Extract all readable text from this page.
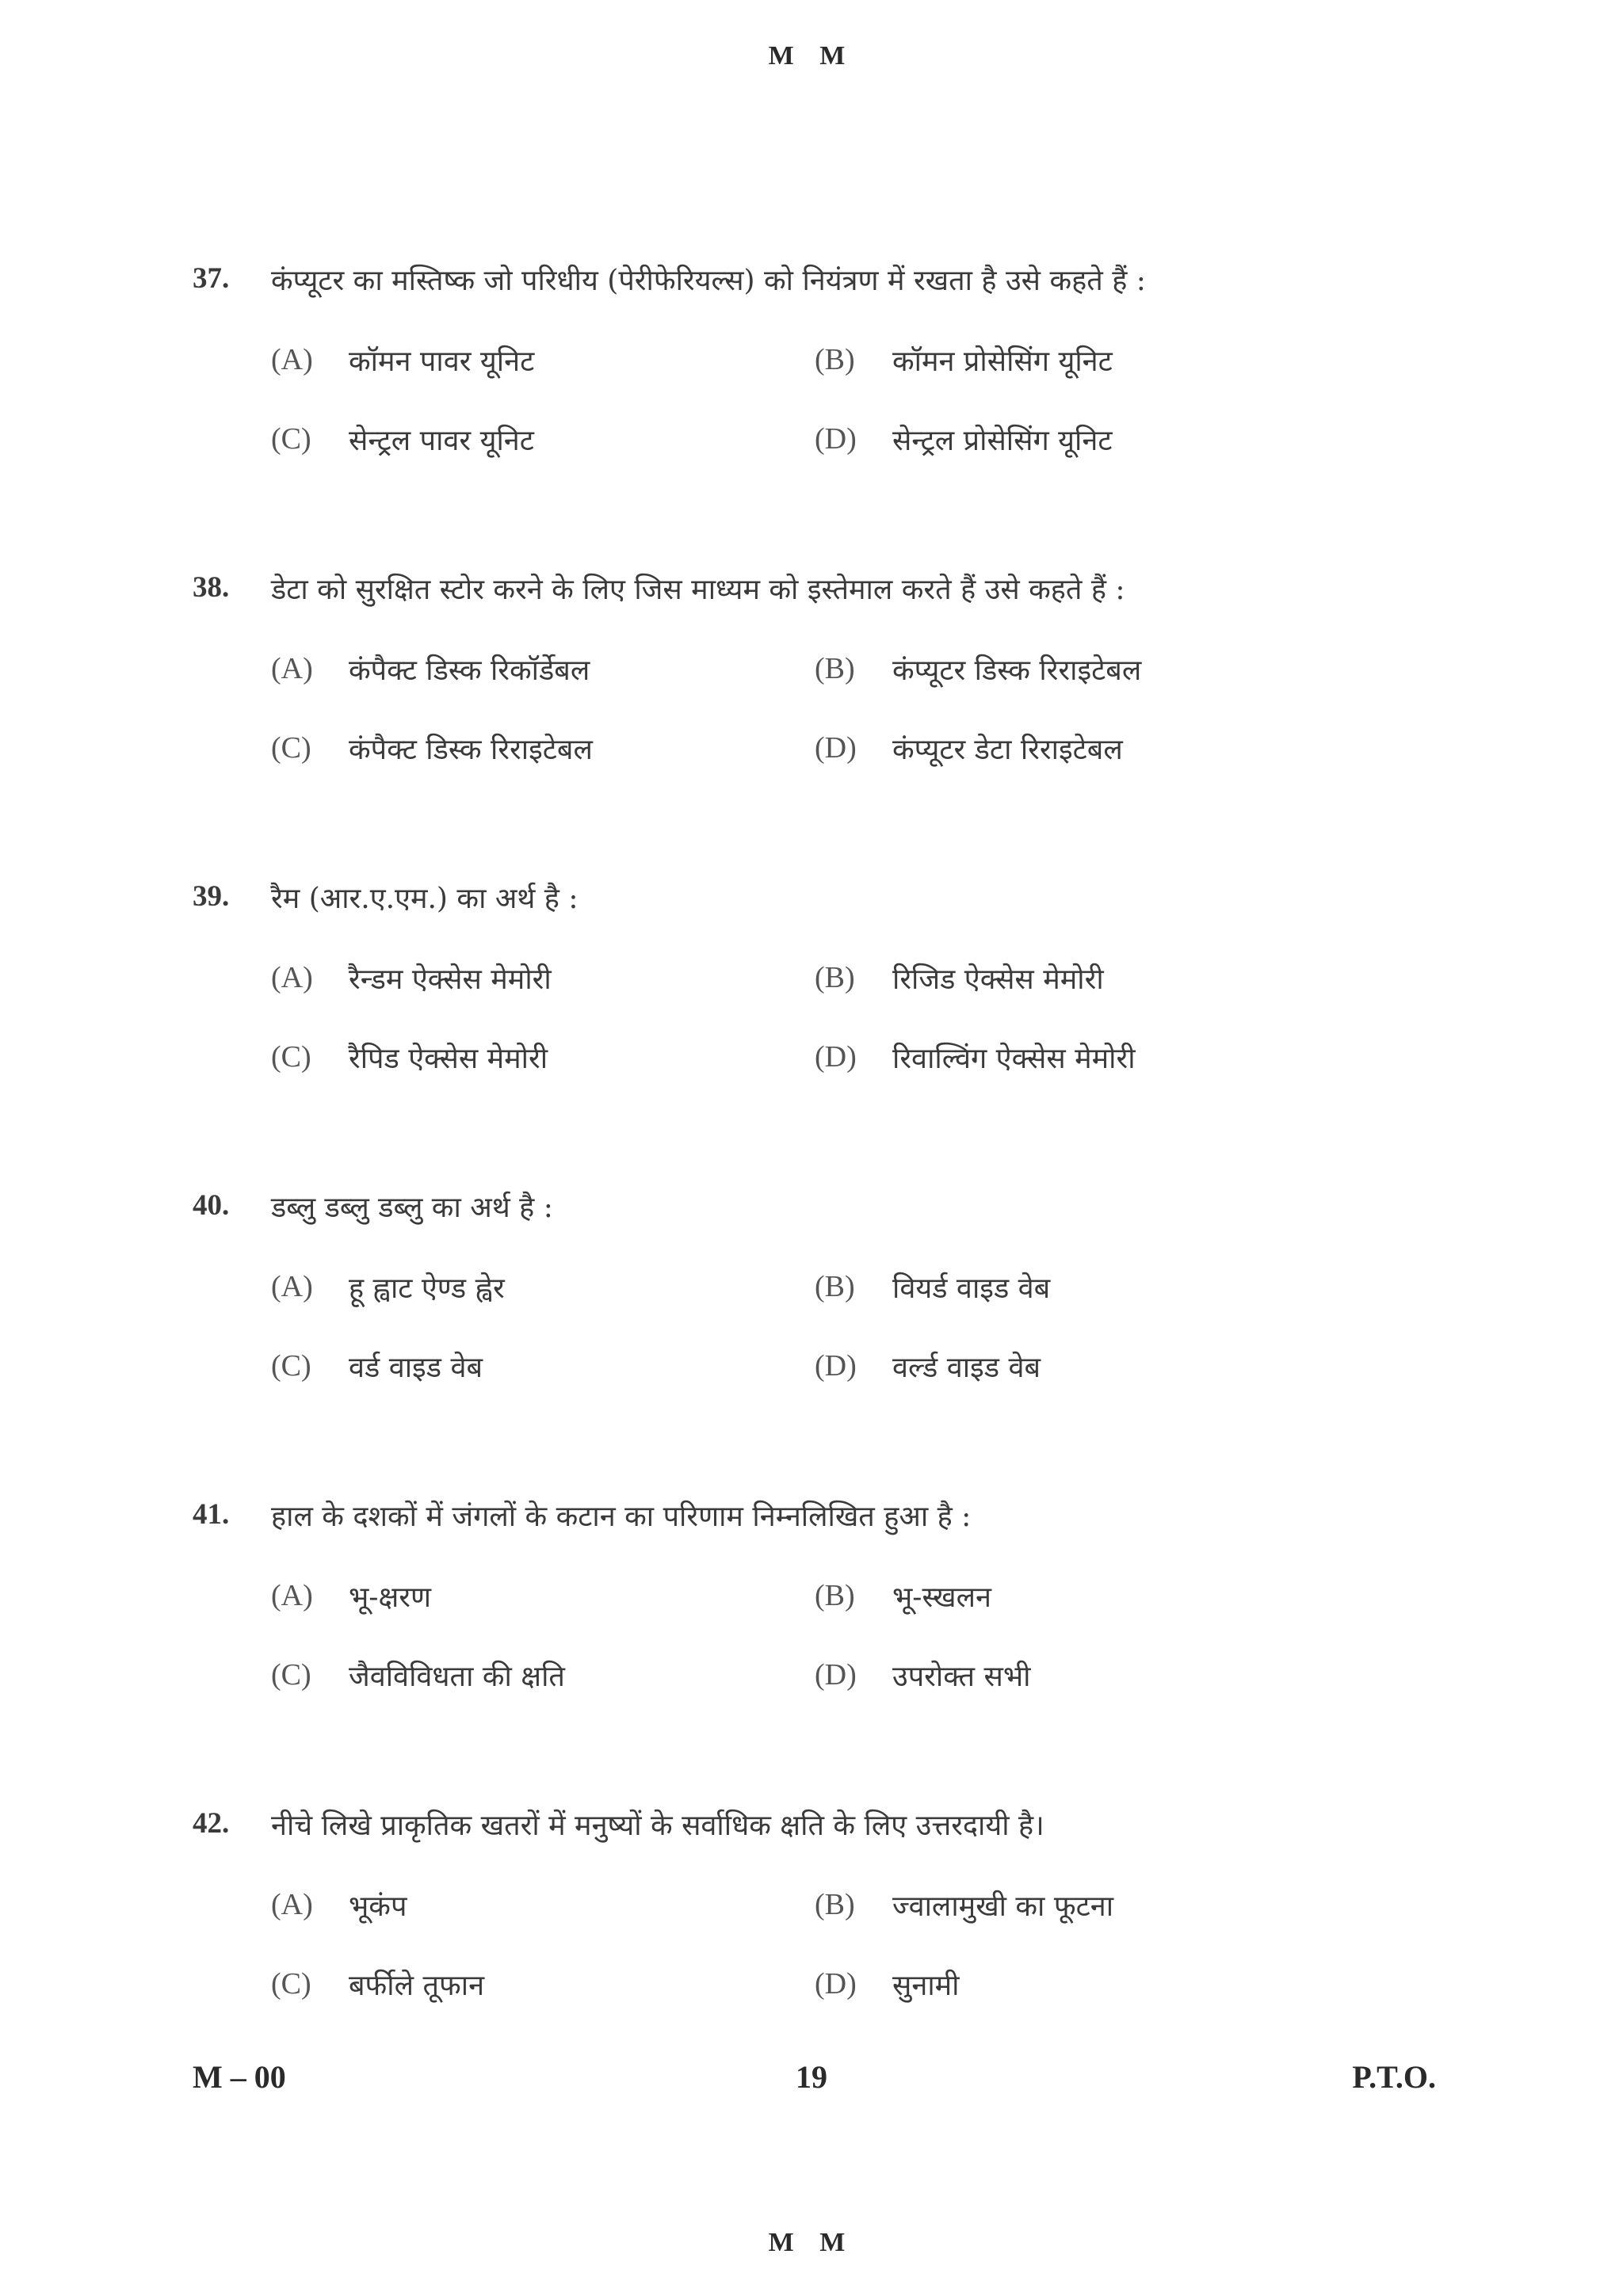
M M
37. कंप्यूटर का मस्तिष्क जो परिधीय (पेरीफेरियल्स) को नियंत्रण में रखता है उसे कहते हैं :
(A) कॉमन पावर यूनिट	(B) कॉमन प्रोसेसिंग यूनिट
(C) सेन्ट्रल पावर यूनिट	(D) सेन्ट्रल प्रोसेसिंग यूनिट
38. डेटा को सुरक्षित स्टोर करने के लिए जिस माध्यम को इस्तेमाल करते हैं उसे कहते हैं :
(A) कंपैक्ट डिस्क रिकॉर्डेबल	(B) कंप्यूटर डिस्क रिराइटेबल
(C) कंपैक्ट डिस्क रिराइटेबल	(D) कंप्यूटर डेटा रिराइटेबल
39. रैम (आर.ए.एम.) का अर्थ है :
(A) रैन्डम ऐक्सेस मेमोरी	(B) रिजिड ऐक्सेस मेमोरी
(C) रैपिड ऐक्सेस मेमोरी	(D) रिवाल्विंग ऐक्सेस मेमोरी
40. डब्लु डब्लु डब्लु का अर्थ है :
(A) हू ह्वाट ऐण्ड ह्वेर	(B) वियर्ड वाइड वेब
(C) वर्ड वाइड वेब	(D) वर्ल्ड वाइड वेब
41. हाल के दशकों में जंगलों के कटान का परिणाम निम्नलिखित हुआ है :
(A) भू-क्षरण	(B) भू-स्खलन
(C) जैवविविधता की क्षति	(D) उपरोक्त सभी
42. नीचे लिखे प्राकृतिक खतरों में मनुष्यों के सर्वाधिक क्षति के लिए उत्तरदायी है।
(A) भूकंप	(B) ज्वालामुखी का फूटना
(C) बर्फीले तूफान	(D) सुनामी
M – 00	19	P.T.O.
M M
